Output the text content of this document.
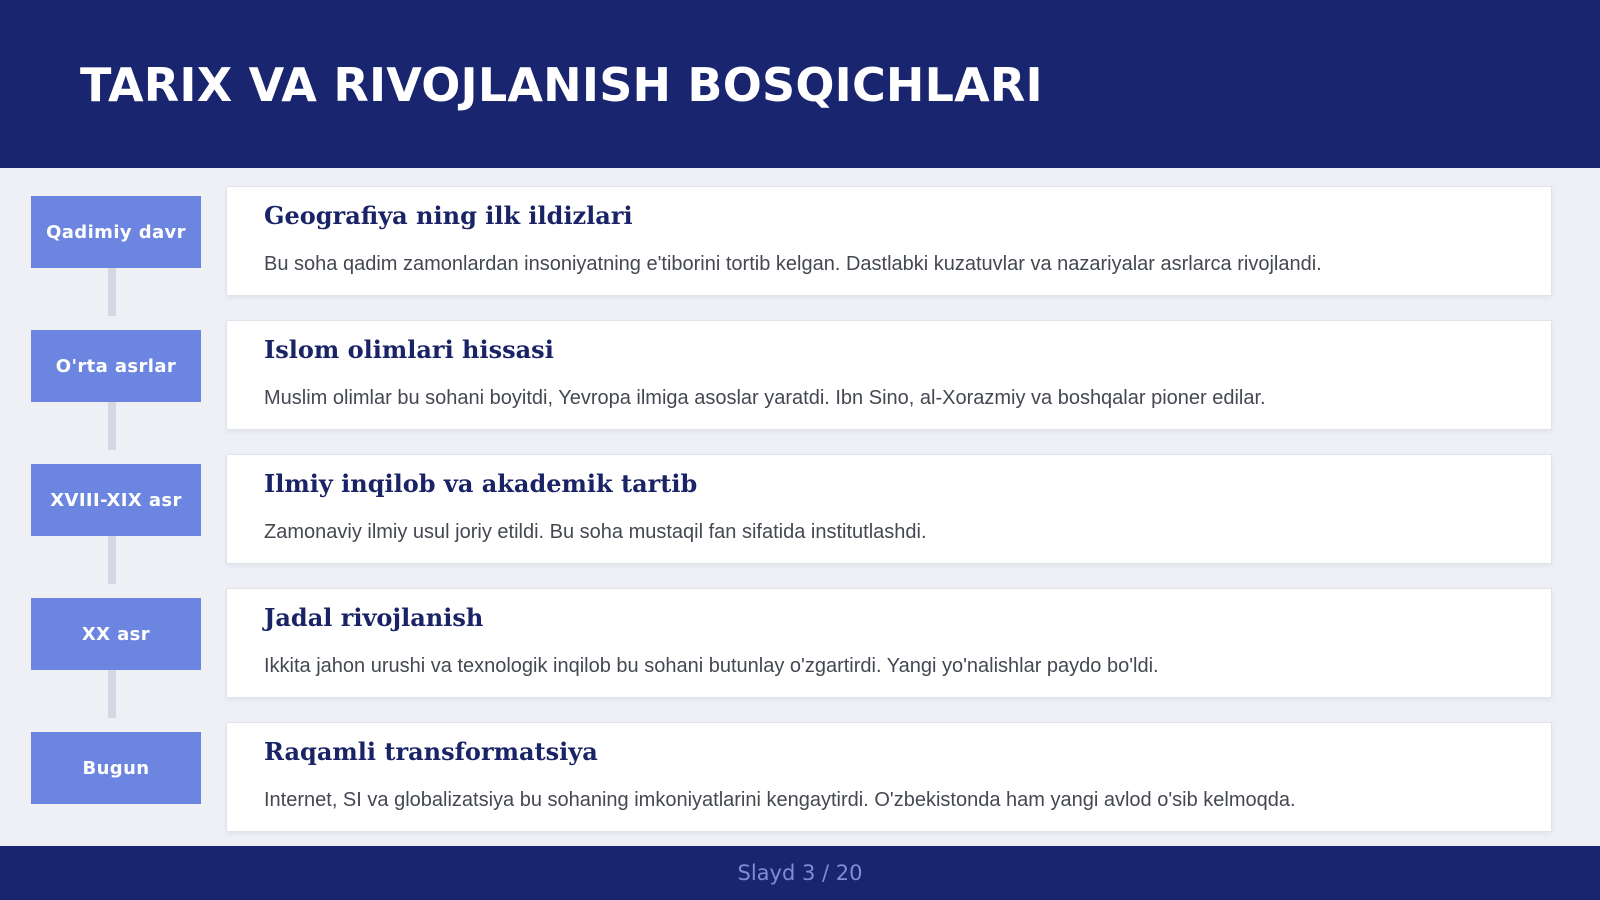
TARIX VA RIVOJLANISH BOSQICHLARI
Qadimiy davr
Geografiya ning ilk ildizlari

Bu soha qadim zamonlardan insoniyatning e'tiborini tortib kelgan. Dastlabki kuzatuvlar va nazariyalar asrlarca rivojlandi.

O'rta asrlar
Islom olimlari hissasi

Muslim olimlar bu sohani boyitdi, Yevropa ilmiga asoslar yaratdi. Ibn Sino, al-Xorazmiy va boshqalar pioner edilar.

XVIII-XIX asr
Ilmiy inqilob va akademik tartib

Zamonaviy ilmiy usul joriy etildi. Bu soha mustaqil fan sifatida institutlashdi.

XX asr
Jadal rivojlanish

Ikkita jahon urushi va texnologik inqilob bu sohani butunlay o'zgartirdi. Yangi yo'nalishlar paydo bo'ldi.

Bugun
Raqamli transformatsiya

Internet, SI va globalizatsiya bu sohaning imkoniyatlarini kengaytirdi. O'zbekistonda ham yangi avlod o'sib kelmoqda.

Slayd 3 / 20
